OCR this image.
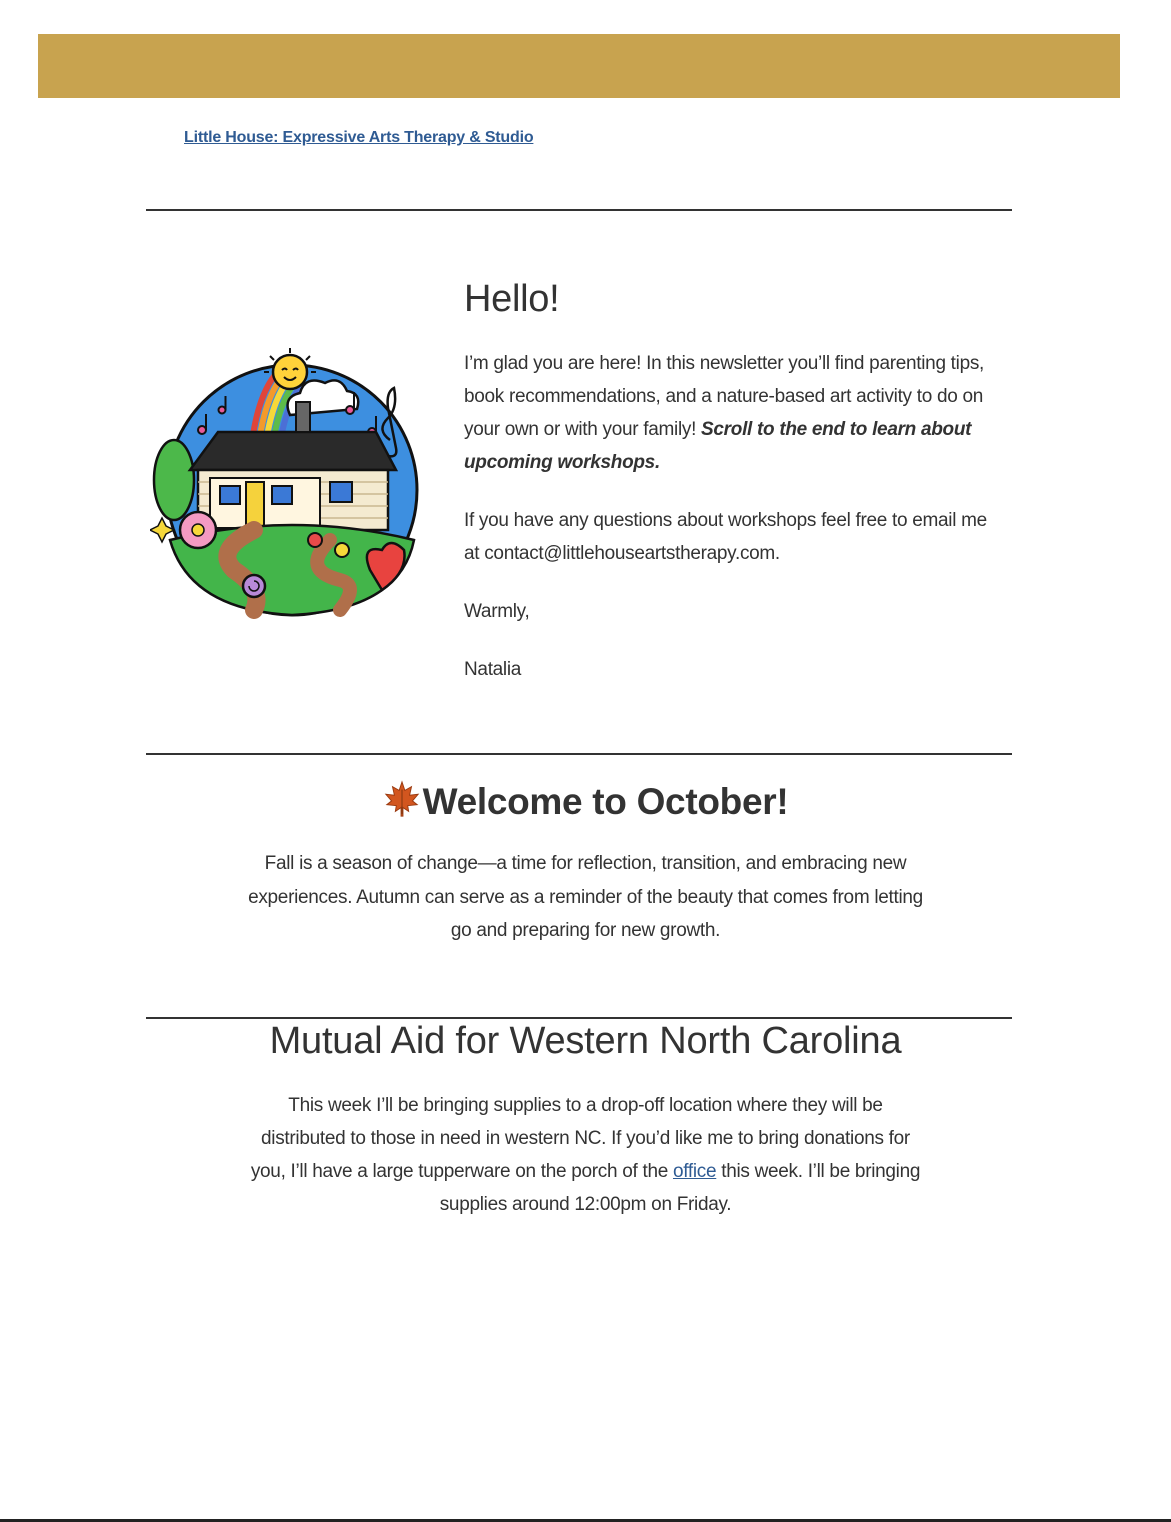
Little House: Expressive Arts Therapy & Studio
Hello!

I’m glad you are here! In this newsletter you’ll find parenting tips, book recommendations, and a nature-based art activity to do on your own or with your family! Scroll to the end to learn about upcoming workshops.

If you have any questions about workshops feel free to email me at contact@littlehouseartstherapy.com.

Warmly,

Natalia

Welcome to October!

Fall is a season of change—a time for reflection, transition, and embracing new experiences. Autumn can serve as a reminder of the beauty that comes from letting go and preparing for new growth.

Mutual Aid for Western North Carolina

This week I’ll be bringing supplies to a drop-off location where they will be distributed to those in need in western NC. If you’d like me to bring donations for you, I’ll have a large tupperware on the porch of the office this week. I’ll be bringing supplies around 12:00pm on Friday.
